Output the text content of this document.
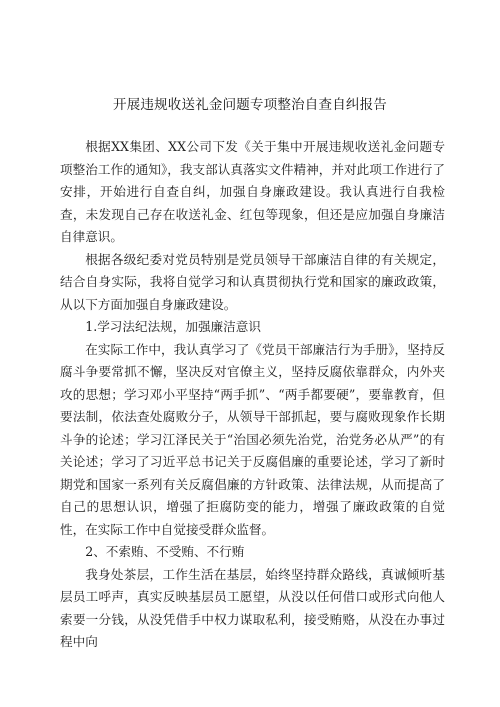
开展违规收送礼金问题专项整治自查自纠报告

根据XX集团、XX公司下发《关于集中开展违规收送礼金问题专项整治工作的通知》，我支部认真落实文件精神，并对此项工作进行了安排，开始进行自查自纠，加强自身廉政建设。我认真进行自我检查，未发现自己存在收送礼金、红包等现象，但还是应加强自身廉洁自律意识。

根据各级纪委对党员特别是党员领导干部廉洁自律的有关规定，结合自身实际，我将自觉学习和认真贯彻执行党和国家的廉政政策，从以下方面加强自身廉政建设。

1.学习法纪法规，加强廉洁意识

在实际工作中，我认真学习了《党员干部廉洁行为手册》，坚持反腐斗争要常抓不懈，坚决反对官僚主义，坚持反腐依靠群众，内外夹攻的思想；学习邓小平坚持“两手抓”、“两手都要硬”，要靠教育，但要法制，依法查处腐败分子，从领导干部抓起，要与腐败现象作长期斗争的论述；学习江泽民关于“治国必须先治党，治党务必从严”的有关论述；学习了习近平总书记关于反腐倡廉的重要论述，学习了新时期党和国家一系列有关反腐倡廉的方针政策、法律法规，从而提高了自己的思想认识，增强了拒腐防变的能力，增强了廉政政策的自觉性，在实际工作中自觉接受群众监督。

2、不索贿、不受贿、不行贿

我身处茶层，工作生活在基层，始终坚持群众路线，真诚倾听基层员工呼声，真实反映基层员工愿望，从没以任何借口或形式向他人索要一分钱，从没凭借手中权力谋取私利，接受贿赂，从没在办事过程中向
